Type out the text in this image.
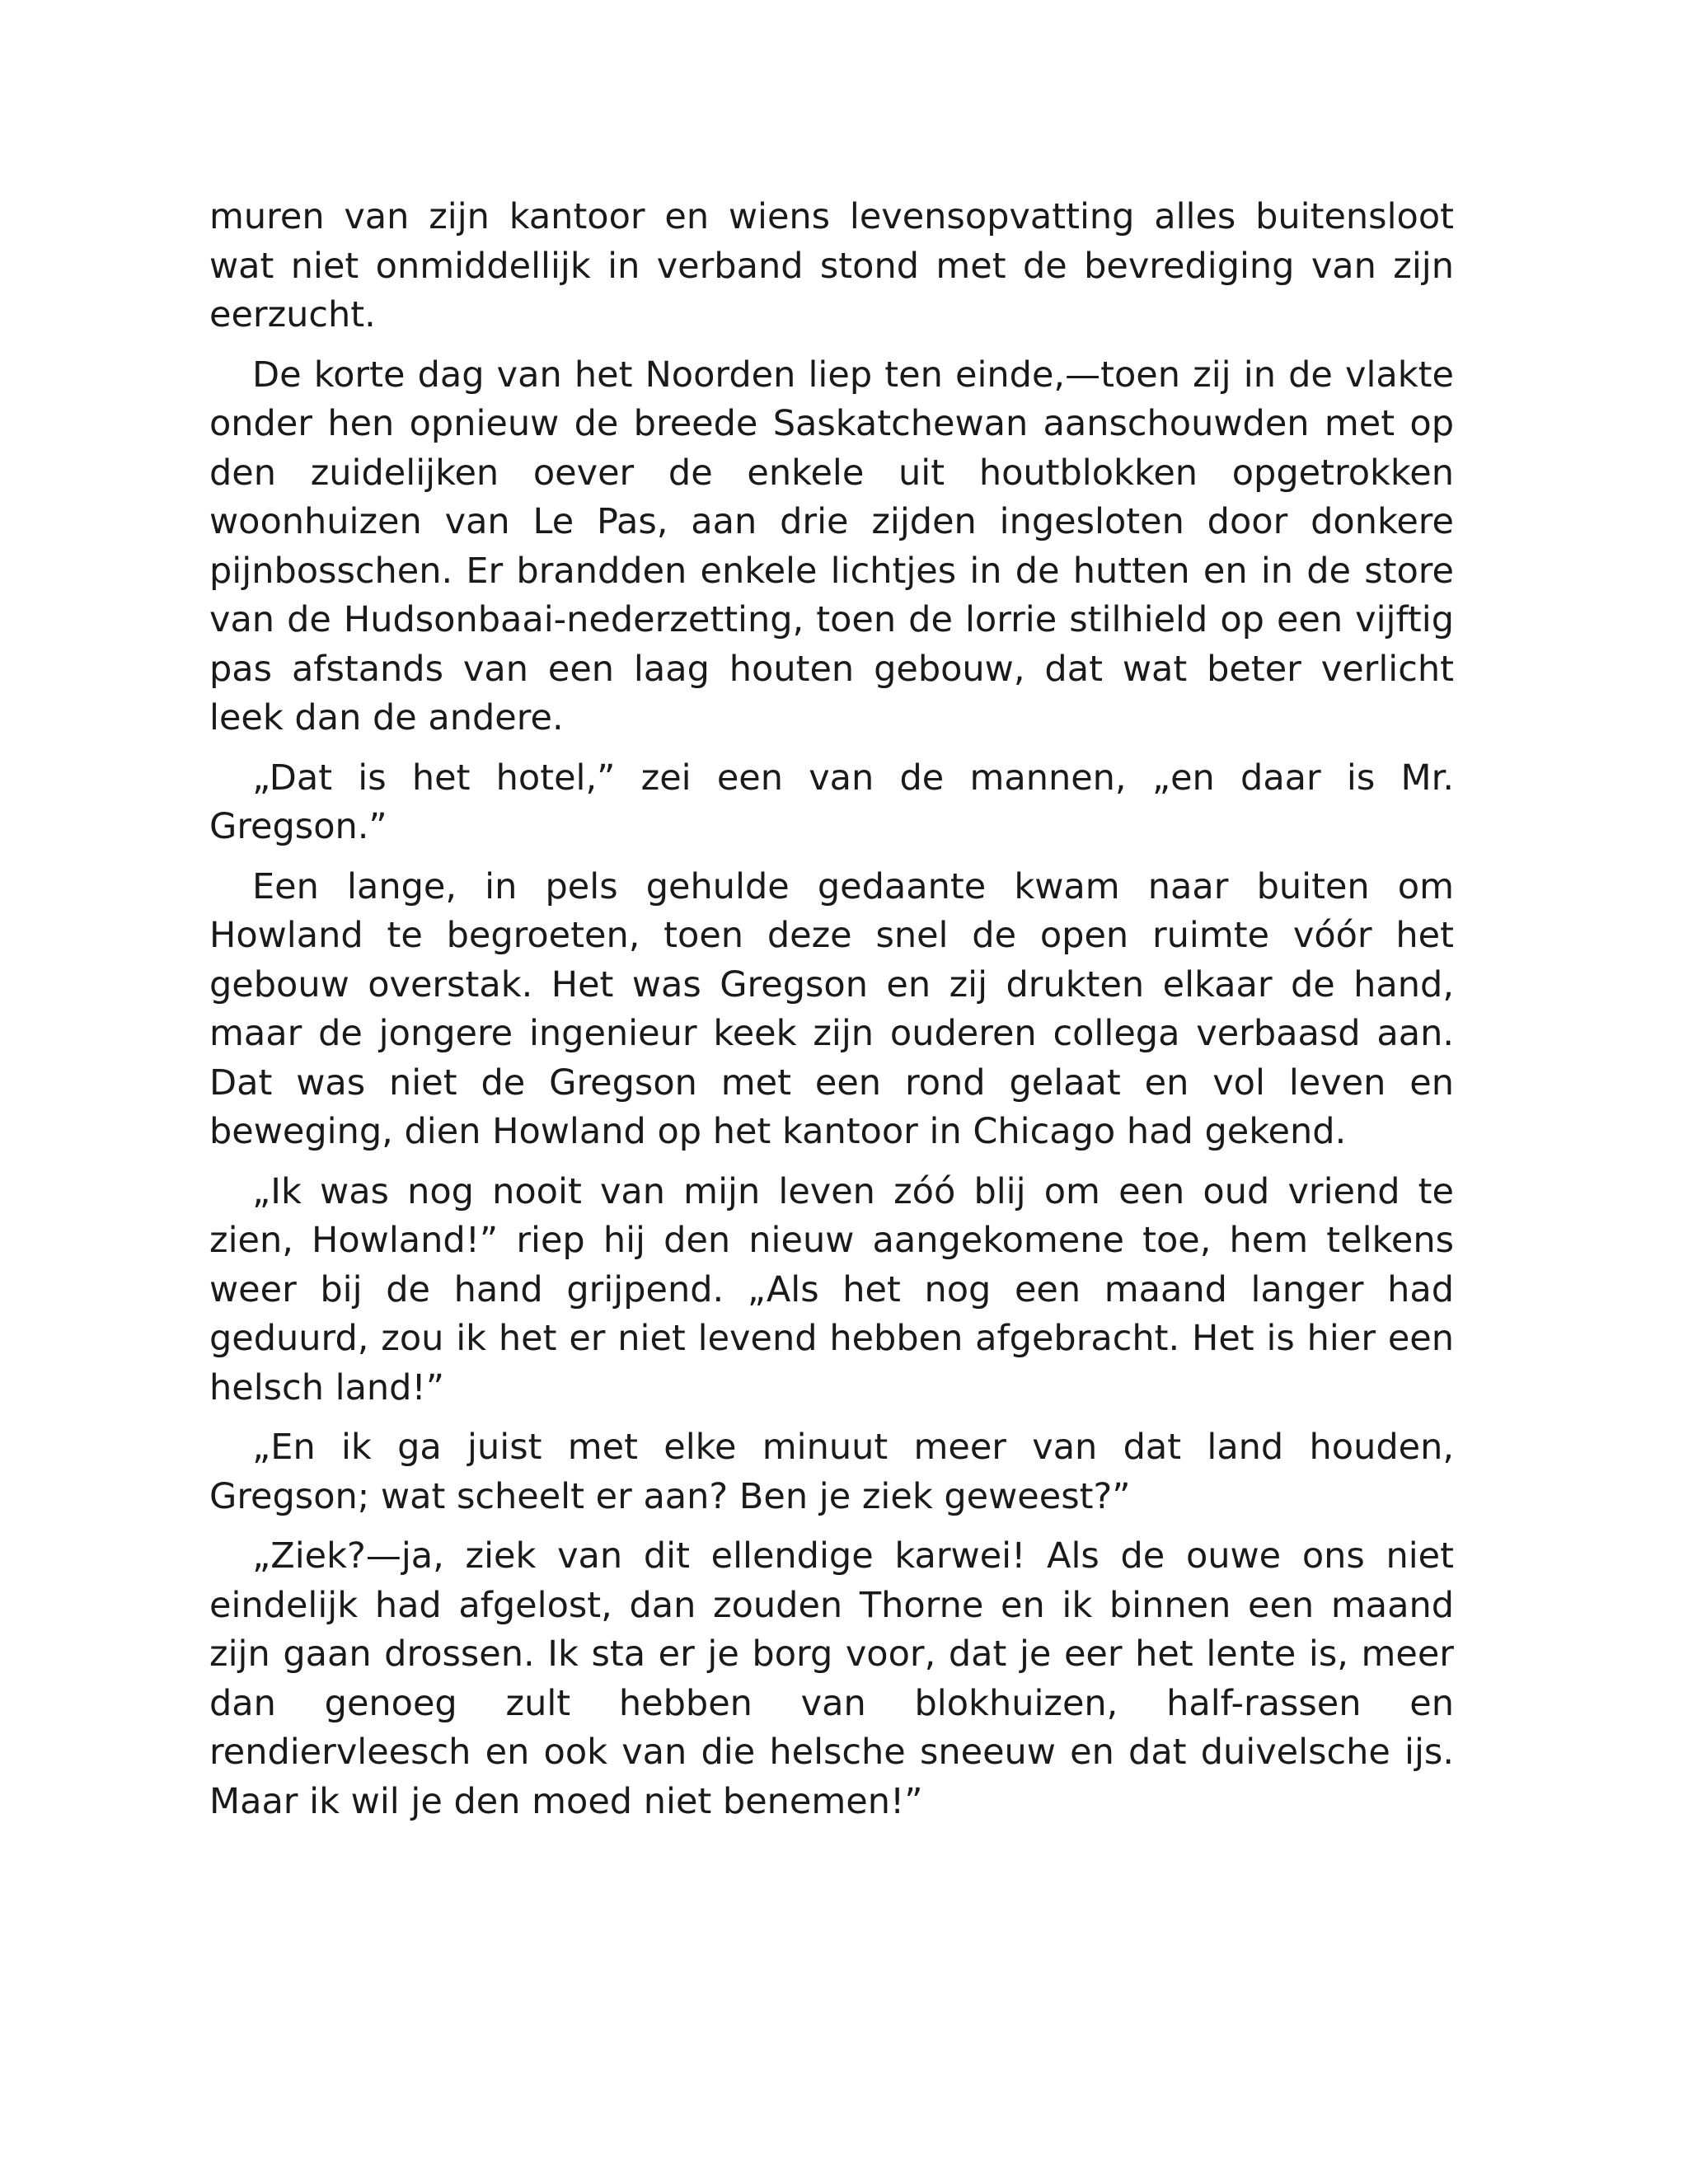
muren van zijn kantoor en wiens levensopvatting alles buitensloot wat niet onmiddellijk in verband stond met de bevrediging van zijn eerzucht.

De korte dag van het Noorden liep ten einde,—toen zij in de vlakte onder hen opnieuw de breede Saskatchewan aanschouwden met op den zuidelijken oever de enkele uit houtblokken opgetrokken woonhuizen van Le Pas, aan drie zijden ingesloten door donkere pijnbosschen. Er brandden enkele lichtjes in de hutten en in de store van de Hudsonbaai-nederzetting, toen de lorrie stilhield op een vijftig pas afstands van een laag houten gebouw, dat wat beter verlicht leek dan de andere.

„Dat is het hotel,” zei een van de mannen, „en daar is Mr. Gregson.”

Een lange, in pels gehulde gedaante kwam naar buiten om Howland te begroeten, toen deze snel de open ruimte vóór het gebouw overstak. Het was Gregson en zij drukten elkaar de hand, maar de jongere ingenieur keek zijn ouderen collega verbaasd aan. Dat was niet de Gregson met een rond gelaat en vol leven en beweging, dien Howland op het kantoor in Chicago had gekend.

„Ik was nog nooit van mijn leven zóó blij om een oud vriend te zien, Howland!” riep hij den nieuw aangekomene toe, hem telkens weer bij de hand grijpend. „Als het nog een maand langer had geduurd, zou ik het er niet levend hebben afgebracht. Het is hier een helsch land!”

„En ik ga juist met elke minuut meer van dat land houden, Gregson; wat scheelt er aan? Ben je ziek geweest?”

„Ziek?—ja, ziek van dit ellendige karwei! Als de ouwe ons niet eindelijk had afgelost, dan zouden Thorne en ik binnen een maand zijn gaan drossen. Ik sta er je borg voor, dat je eer het lente is, meer dan genoeg zult hebben van blokhuizen, half-rassen en rendiervleesch en ook van die helsche sneeuw en dat duivelsche ijs. Maar ik wil je den moed niet benemen!”
